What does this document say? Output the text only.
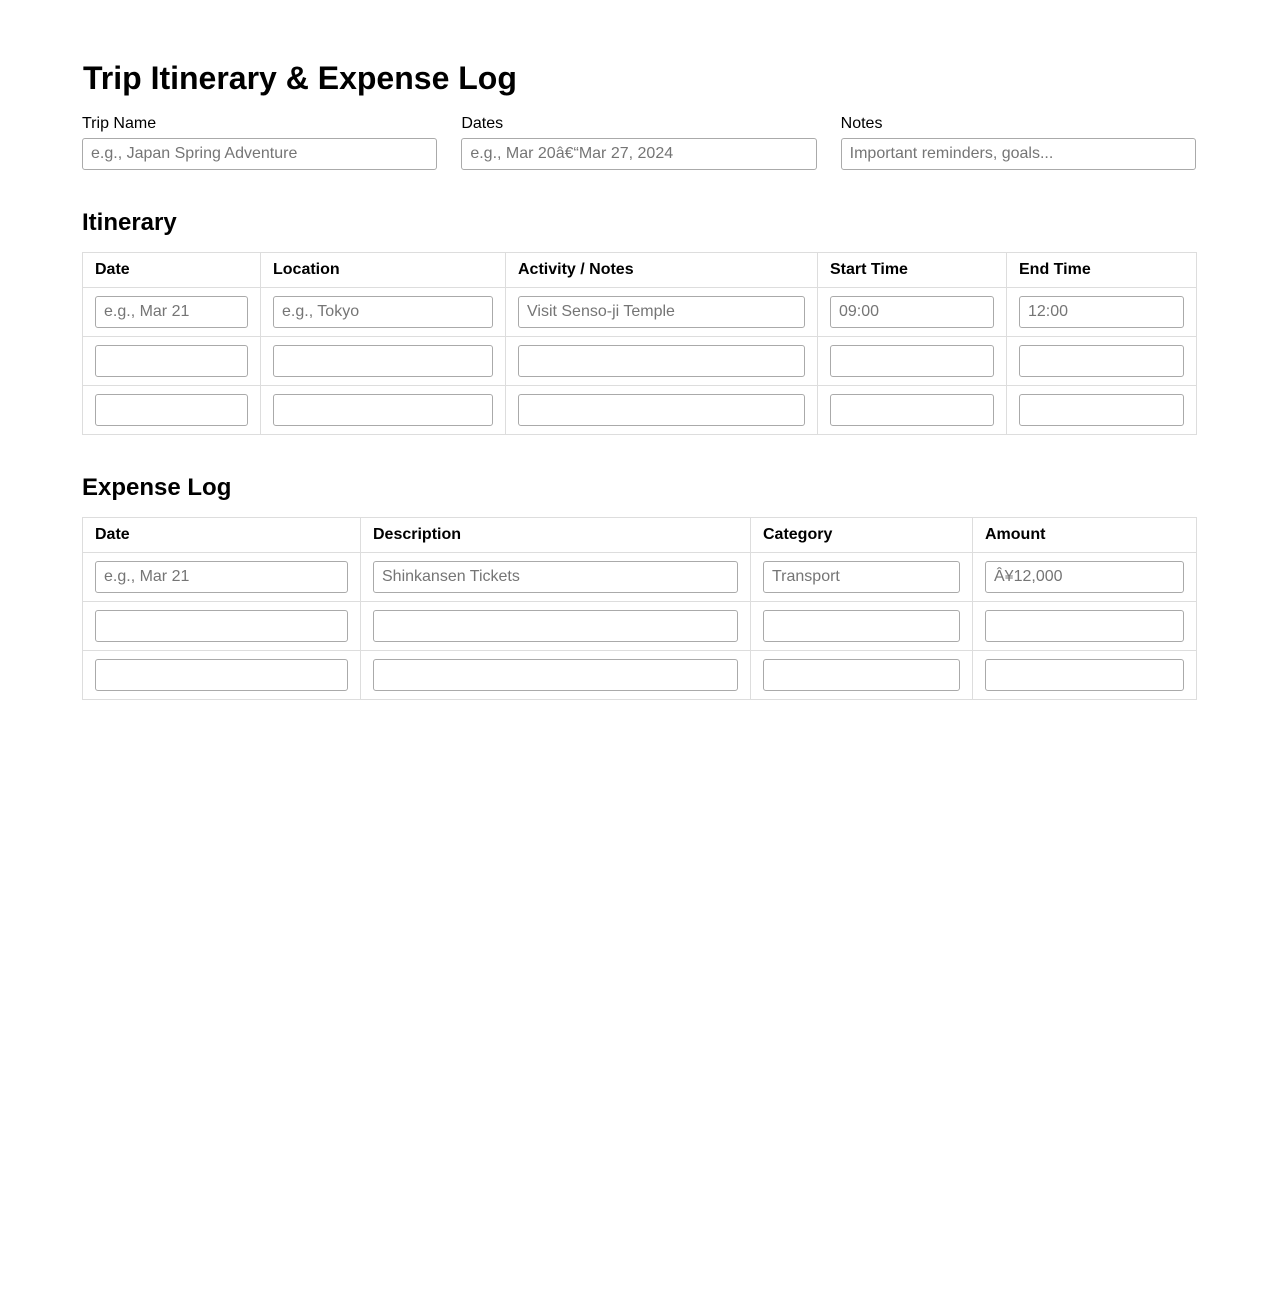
Trip Itinerary & Expense Log
Trip Name
e.g., Japan Spring Adventure	Dates
e.g., Mar 20â€“Mar 27, 2024	Notes
Important reminders, goals...
Itinerary
Date	Location	Activity / Notes	Start Time	End Time

e.g., Mar 21	e.g., Tokyo	Visit Senso-ji Temple	09:00	12:00

Expense Log
Date	Description	Category	Amount

e.g., Mar 21	Shinkansen Tickets	Transport	Â¥12,000
